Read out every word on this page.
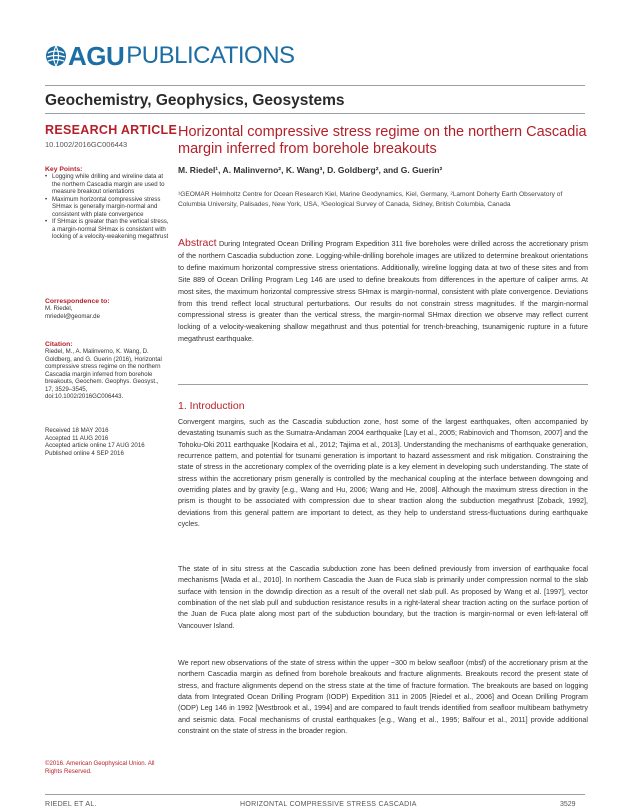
AGU PUBLICATIONS
Geochemistry, Geophysics, Geosystems
RESEARCH ARTICLE
10.1002/2016GC006443
Key Points:
• Logging while drilling and wireline data at the northern Cascadia margin are used to measure breakout orientations
• Maximum horizontal compressive stress SHmax is generally margin-normal and consistent with plate convergence
• If SHmax is greater than the vertical stress, a margin-normal SHmax is consistent with locking of a velocity-weakening megathrust
Correspondence to:
M. Riedel,
mriedel@geomar.de
Citation:
Riedel, M., A. Malinverno, K. Wang, D. Goldberg, and G. Guerin (2016), Horizontal compressive stress regime on the northern Cascadia margin inferred from borehole breakouts, Geochem. Geophys. Geosyst., 17, 3529–3545, doi:10.1002/2016GC006443.
Received 18 MAY 2016
Accepted 11 AUG 2016
Accepted article online 17 AUG 2016
Published online 4 SEP 2016
©2016. American Geophysical Union. All Rights Reserved.
Horizontal compressive stress regime on the northern Cascadia margin inferred from borehole breakouts
M. Riedel¹, A. Malinverno², K. Wang³, D. Goldberg², and G. Guerin²
¹GEOMAR Helmholtz Centre for Ocean Research Kiel, Marine Geodynamics, Kiel, Germany, ²Lamont Doherty Earth Observatory of Columbia University, Palisades, New York, USA, ³Geological Survey of Canada, Sidney, British Columbia, Canada
Abstract During Integrated Ocean Drilling Program Expedition 311 five boreholes were drilled across the accretionary prism of the northern Cascadia subduction zone. Logging-while-drilling borehole images are utilized to determine breakout orientations to define maximum horizontal compressive stress orientations. Additionally, wireline logging data at two of these sites and from Site 889 of Ocean Drilling Program Leg 146 are used to define breakouts from differences in the aperture of caliper arms. At most sites, the maximum horizontal compressive stress SHmax is margin-normal, consistent with plate convergence. Deviations from this trend reflect local structural perturbations. Our results do not constrain stress magnitudes. If the margin-normal compressional stress is greater than the vertical stress, the margin-normal SHmax direction we observe may reflect current locking of a velocity-weakening shallow megathrust and thus potential for trench-breaching, tsunamigenic rupture in a future megathrust earthquake.
1. Introduction
Convergent margins, such as the Cascadia subduction zone, host some of the largest earthquakes, often accompanied by devastating tsunamis such as the Sumatra-Andaman 2004 earthquake [Lay et al., 2005; Rabinovich and Thomson, 2007] and the Tohoku-Oki 2011 earthquake [Kodaira et al., 2012; Tajima et al., 2013]. Understanding the mechanisms of earthquake generation, recurrence pattern, and potential for tsunami generation is important to hazard assessment and risk mitigation. Constraining the state of stress in the accretionary complex of the overriding plate is a key element in developing such understanding. The state of stress within the accretionary prism generally is controlled by the mechanical coupling at the interface between downgoing and overriding plates and by gravity [e.g., Wang and Hu, 2006; Wang and He, 2008]. Although the maximum stress direction in the prism is thought to be associated with compression due to shear traction along the subduction megathrust [Zoback, 1992], deviations from this general pattern are important to detect, as they help to understand stress-fluctuations during earthquake cycles.
The state of in situ stress at the Cascadia subduction zone has been defined previously from inversion of earthquake focal mechanisms [Wada et al., 2010]. In northern Cascadia the Juan de Fuca slab is primarily under compression normal to the slab surface with tension in the downdip direction as a result of the overall net slab pull. As proposed by Wang et al. [1997], vector combination of the net slab pull and subduction resistance results in a right-lateral shear traction acting on the surface portion of the Juan de Fuca plate along most part of the subduction boundary, but the traction is margin-normal or even left-lateral off Vancouver Island.
We report new observations of the state of stress within the upper ~300 m below seafloor (mbsf) of the accretionary prism at the northern Cascadia margin as defined from borehole breakouts and fracture alignments. Breakouts record the present state of stress, and fracture alignments depend on the stress state at the time of fracture formation. The breakouts are based on logging data from Integrated Ocean Drilling Program (IODP) Expedition 311 in 2005 [Riedel et al., 2006] and Ocean Drilling Program (ODP) Leg 146 in 1992 [Westbrook et al., 1994] and are compared to fault trends identified from seafloor multibeam bathymetry and seismic data. Focal mechanisms of crustal earthquakes [e.g., Wang et al., 1995; Balfour et al., 2011] provide additional constraint on the state of stress in the broader region.
RIEDEL ET AL.	HORIZONTAL COMPRESSIVE STRESS CASCADIA	3529
